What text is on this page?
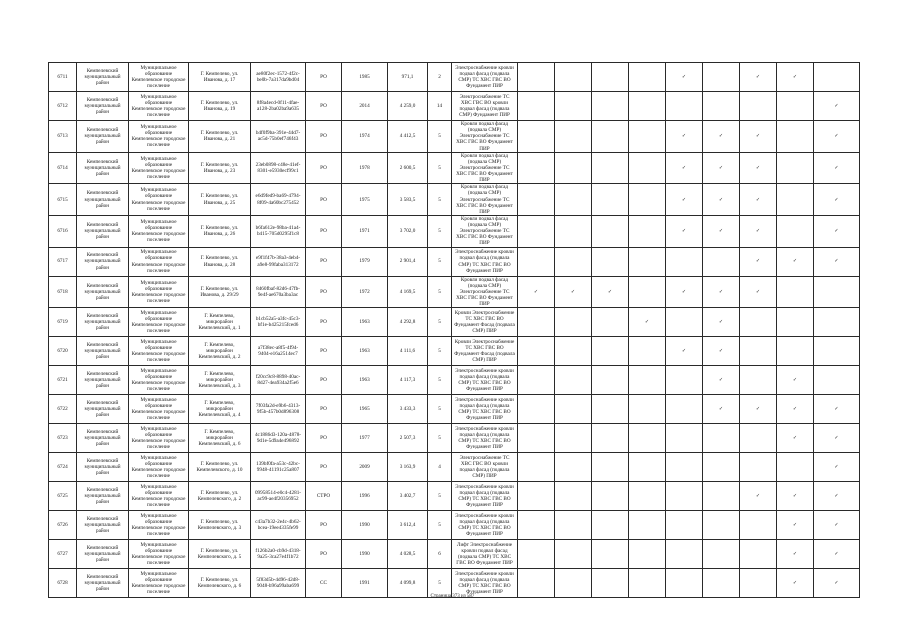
6711	Кемпелевский муниципальный район	Муниципальное образование Кемпелевское городское поселение	Г. Кемпелево, ул. Иванова, д. 17	ae80f2ec-1572-4f2c-be0b-7a317da9bd04	РО	1985	971,1	2	Электроснабжение кровли подвал фасад (подвала СМР) ТС ХВС ГВС ВО Фундамент ПИР					✓		✓	✓	
6712	Кемпелевский муниципальный район	Муниципальное образование Кемпелевское городское поселение	Г. Кемпелево, ул. Иванова, д. 19	8f8a4ecd-0f11-4fae-a128-2ba02ba9a635	РО	2014	4 259,0	14	Электроснабжение ТС ХВС ГВС ВО кровли подвал фасад (подвала СМР) Фундамент ПИР									✓
6713	Кемпелевский муниципальный район	Муниципальное образование Кемпелевское городское поселение	Г. Кемпелево, ул. Иванова, д. 21	b4f0f9ba-391e-44d7-ac5d-75b0ef746f43	РО	1974	4 412,5	5	Кровли подвал фасад (подвала СМР) Электроснабжение ТС ХВС ГВС ВО Фундамент ПИР					✓	✓	✓		✓
6714	Кемпелевский муниципальный район	Муниципальное образование Кемпелевское городское поселение	Г. Кемпелево, ул. Иванова, д. 23	23eb0898-c48e-41ef-8301-e5930ecf99c1	РО	1978	2 600,5	5	Кровли подвал фасад (подвала СМР) Электроснабжение ТС ХВС ГВС ВО Фундамент ПИР					✓	✓	✓		✓
6715	Кемпелевский муниципальный район	Муниципальное образование Кемпелевское городское поселение	Г. Кемпелево, ул. Иванова, д. 25	e6d9fed9-ba69-4794-8f09-4a60bc275452	РО	1975	3 583,5	5	Кровли подвал фасад (подвала СМР) Электроснабжение ТС ХВС ГВС ВО Фундамент ПИР					✓	✓	✓		✓
6716	Кемпелевский муниципальный район	Муниципальное образование Кемпелевское городское поселение	Г. Кемпелево, ул. Иванова, д. 26	b6fa612e-98ba-41a4-b415-705d0295f1c8	РО	1971	3 702,0	5	Кровли подвал фасад (подвала СМР) Электроснабжение ТС ХВС ГВС ВО Фундамент ПИР					✓	✓	✓		✓
6717	Кемпелевский муниципальный район	Муниципальное образование Кемпелевское городское поселение	Г. Кемпелево, ул. Иванова, д. 28	e9f1f47b-38a3-4eb4-a9e8-99faba313172	РО	1979	2 901,4	5	Электроснабжение кровли подвал фасад (подвала СМР) ТС ХВС ГВС ВО Фундамент ПИР							✓	✓	✓
6718	Кемпелевский муниципальный район	Муниципальное образование Кемпелевское городское поселение	Г. Кемпелево, ул. Иванова, д. 29/29	8460fbaf-82d6-47fb-9e4f-ae670a3ba3ac	РО	1972	4 169,5	5	Кровли подвал фасад (подвала СМР) Электроснабжение ТС ХВС ГВС ВО Фундамент ПИР	✓	✓	✓		✓	✓	✓		
6719	Кемпелевский муниципальный район	Муниципальное образование Кемпелевское городское поселение	Г. Кемпелево, микрорайон Кемпелевский, д. 1	b1cb52a5-a3fc-45c3-bf1e-b425215fced6	РО	1963	4 292,8	5	Кровли Электроснабжение ТС ХВС ГВС ВО Фундамент Фасад (подвала СМР) ПИР				✓		✓			
6720	Кемпелевский муниципальный район	Муниципальное образование Кемпелевское городское поселение	Г. Кемпелево, микрорайон Кемпелевский, д. 2	a7f38ec-a8f5-4f94-9404-e16a2514ec7	РО	1963	4 111,6	5	Кровли Электроснабжение ТС ХВС ГВС ВО Фундамент Фасад (подвала СМР) ПИР					✓	✓			
6721	Кемпелевский муниципальный район	Муниципальное образование Кемпелевское городское поселение	Г. Кемпелево, микрорайон Кемпелевский, д. 3	f20cc9c8-8898-40ac-8d27-4ea934a2f5e6	РО	1963	4 117,3	5	Электроснабжение кровли подвал фасад (подвала СМР) ТС ХВС ГВС ВО Фундамент ПИР						✓		✓	
6722	Кемпелевский муниципальный район	Муниципальное образование Кемпелевское городское поселение	Г. Кемпелево, микрорайон Кемпелевский, д. 4	7f03fa2d-e9b6-4313-9f5b-457b0d896308	РО	1965	3 433,3	5	Электроснабжение кровли подвал фасад (подвала СМР) ТС ХВС ГВС ВО Фундамент ПИР						✓	✓	✓	✓
6723	Кемпелевский муниципальный район	Муниципальное образование Кемпелевское городское поселение	Г. Кемпелево, микрорайон Кемпелевский, д. 6	4c1886d3-120a-4878-9d1e-5d9a4e496892	РО	1977	2 507,3	5	Электроснабжение кровли подвал фасад (подвала СМР) ТС ХВС ГВС ВО Фундамент ПИР								✓	✓
6724	Кемпелевский муниципальный район	Муниципальное образование Кемпелевское городское поселение	Г. Кемпелево, ул. Кемпелевского, д. 10	139bf0fa-a53c-42bc-9948-41191c25a807	РО	2009	3 163,9	4	Электроснабжение ТС ХВС ГВС ВО кровли подвал фасад (подвала СМР) ПИР									✓
6725	Кемпелевский муниципальный район	Муниципальное образование Кемпелевское городское поселение	Г. Кемпелево, ул. Кемпелевского, д. 2	09958514-e0c4-4281-ac99-ae4f20356952	СТРО	1996	3 402,7	5	Электроснабжение кровли подвал фасад (подвала СМР) ТС ХВС ГВС ВО Фундамент ПИР							✓	✓	✓
6726	Кемпелевский муниципальный район	Муниципальное образование Кемпелевское городское поселение	Г. Кемпелево, ул. Кемпелевского, д. 3	c43a7b32-2e4c-4b62-bcea-19ee4335fe99	РО	1990	3 612,4	5	Электроснабжение кровли подвал фасад (подвала СМР) ТС ХВС ГВС ВО Фундамент ПИР								✓	✓
6727	Кемпелевский муниципальный район	Муниципальное образование Кемпелевское городское поселение	Г. Кемпелево, ул. Кемпелевского, д. 5	f126b2a0-cb9d-4318-9a25-3ca27e4f1b72	РО	1990	4 028,5	6	Лифт Электроснабжение кровли подвал фасад (подвала СМР) ТС ХВС ГВС ВО Фундамент ПИР								✓	✓
6728	Кемпелевский муниципальный район	Муниципальное образование Кемпелевское городское поселение	Г. Кемпелево, ул. Кемпелевского, д. 6	5f83d5b-4d96-42d8-9048-b96a99aba699	СС	1991	4 099,8	5	Электроснабжение кровли подвал фасад (подвала СМР) ТС ХВС ГВС ВО Фундамент ПИР								✓	✓
Страница 373 из 587
